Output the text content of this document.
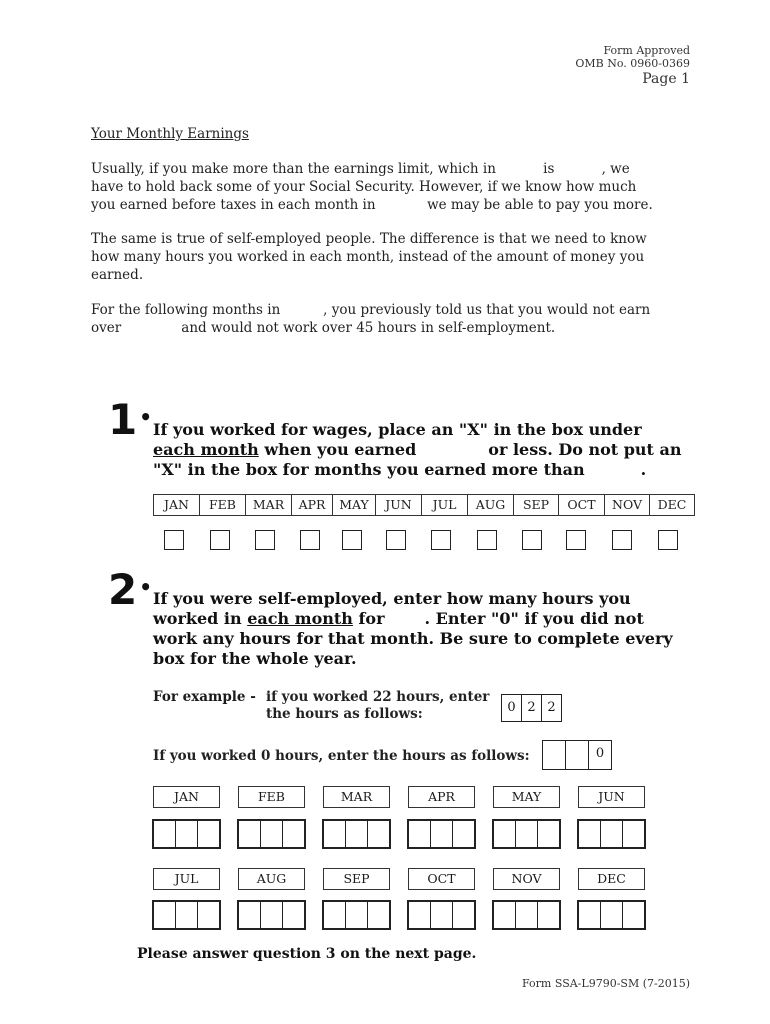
Form Approved
OMB No. 0960-0369
Page 1
Your Monthly Earnings
Usually, if you make more than the earnings limit, which in           is           , we
have to hold back some of your Social Security. However, if we know how much
you earned before taxes in each month in            we may be able to pay you more.
The same is true of self-employed people. The difference is that we need to know
how many hours you worked in each month, instead of the amount of money you
earned.
For the following months in          , you previously told us that you would not earn
over              and would not work over 45 hours in self-employment.
1 •
If you worked for wages, place an "X" in the box under
each month when you earned	or less. Do not put an
"X" in the box for months you earned more than	.
JAN	FEB	MAR	APR	MAY	JUN	JUL	AUG	SEP	OCT	NOV	DEC
2 • If you were self-employed, enter how many hours you
worked in each month for	. Enter "0" if you did not
work any hours for that month. Be sure to complete every
box for the whole year.
For example - if you worked 22 hours, enter
the hours as follows:	0 2 2
If you worked 0 hours, enter the hours as follows:	0
JAN	FEB	MAR	APR	MAY	JUN
JUL	AUG	SEP	OCT	NOV	DEC
Please answer question 3 on the next page.
Form SSA-L9790-SM (7-2015)
